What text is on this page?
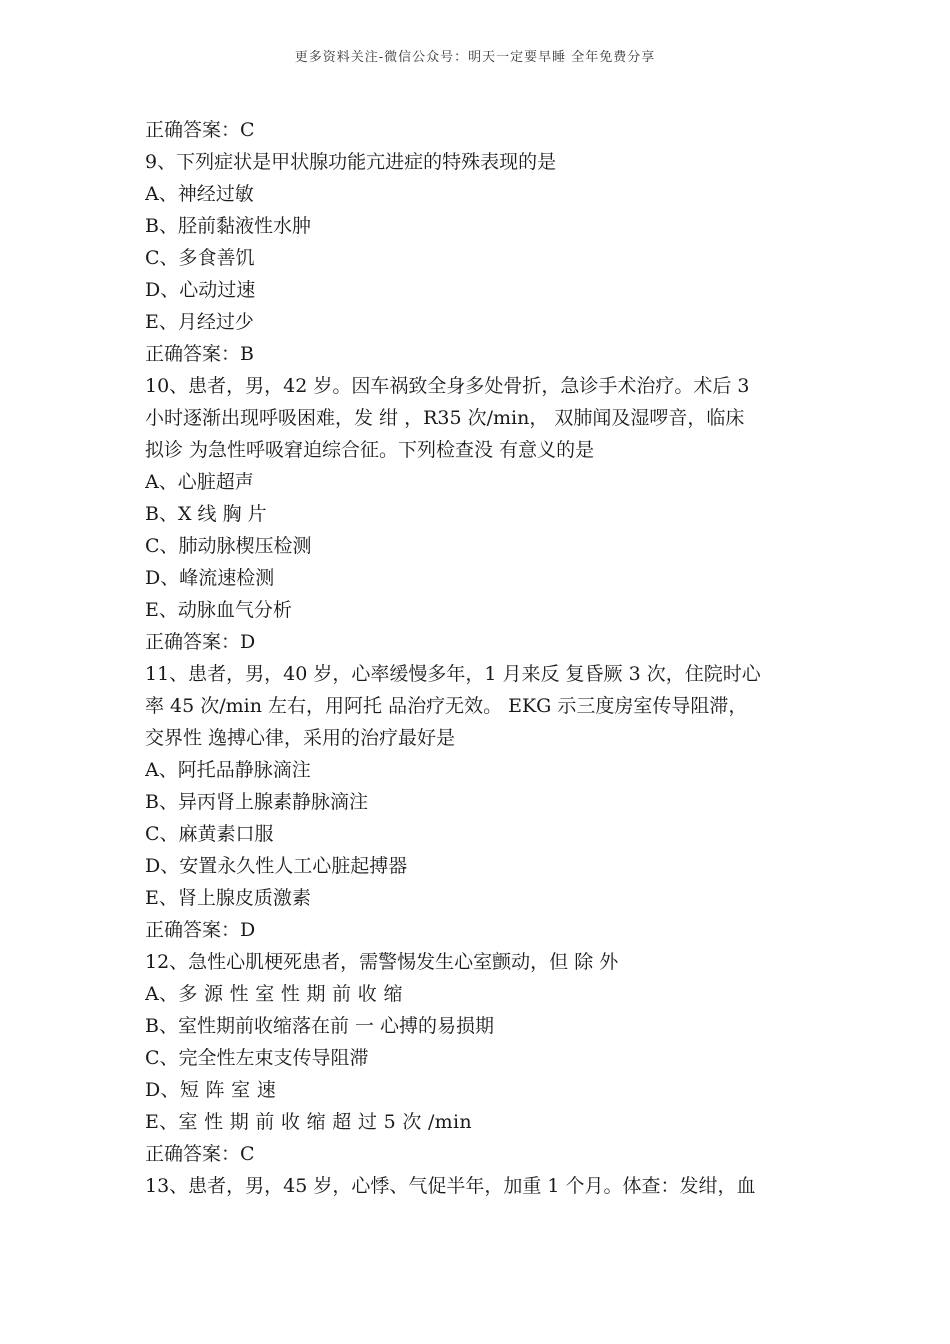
更多资料关注-微信公众号：明天一定要早睡 全年免费分享
正确答案：C
9、下列症状是甲状腺功能亢进症的特殊表现的是
A、神经过敏
B、胫前黏液性水肿
C、多食善饥
D、心动过速
E、月经过少
正确答案：B
10、患者，男，42 岁。因车祸致全身多处骨折，急诊手术治疗。术后 3
小时逐渐出现呼吸困难，发 绀 ，R35 次/min， 双肺闻及湿啰音，临床
拟诊 为急性呼吸窘迫综合征。下列检查没 有意义的是
A、心脏超声
B、X 线 胸 片
C、肺动脉楔压检测
D、峰流速检测
E、动脉血气分析
正确答案：D
11、患者，男，40 岁，心率缓慢多年，1 月来反 复昏厥 3 次，住院时心
率 45 次/min 左右，用阿托 品治疗无效。 EKG 示三度房室传导阻滞，
交界性 逸搏心律，采用的治疗最好是
A、阿托品静脉滴注
B、异丙肾上腺素静脉滴注
C、麻黄素口服
D、安置永久性人工心脏起搏器
E、肾上腺皮质激素
正确答案：D
12、急性心肌梗死患者，需警惕发生心室颤动，但 除 外
A、多 源 性 室 性 期 前 收 缩
B、室性期前收缩落在前 一 心搏的易损期
C、完全性左束支传导阻滞
D、短 阵 室 速
E、室 性 期 前 收 缩 超 过 5 次 /min
正确答案：C
13、患者，男，45 岁，心悸、气促半年，加重 1 个月。体查：发绀，血
